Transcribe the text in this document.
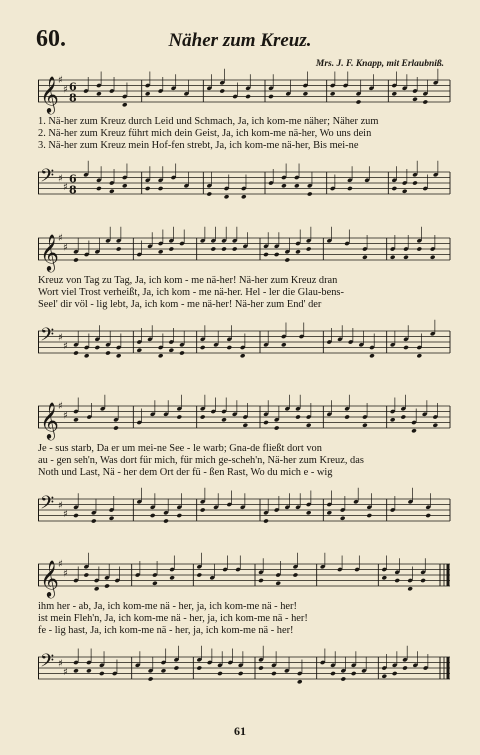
60.	Näher zum Kreuz.
Mrs. J. F. Knapp, mit Erlaubniß.
𝄞 ♯
♯ 6
8
1. Nä-her zum Kreuz durch Leid und Schmach, Ja, ich kom-me näher; Näher zum
2. Nä-her zum Kreuz führt mich dein Geist, Ja, ich kom-me nä-her, Wo uns dein
3. Nä-her zum Kreuz mein Hof-fen strebt, Ja, ich kom-me nä-her, Bis mei-ne
𝄢 ♯
♯
6
8
𝄞 ♯
♯
Kreuz von Tag zu Tag, Ja, ich kom - me nä-her! Nä-her zum Kreuz dran
Wort viel Trost verheißt, Ja, ich kom - me nä-her. Hel - ler die Glau-bens-
Seel' dir völ - lig lebt, Ja, ich kom - me nä-her! Nä-her zum End' der
𝄢 ♯
♯
𝄞 ♯
♯
Je - sus starb, Da er um mei-ne See - le warb; Gna-de fließt dort von
au - gen seh'n, Was dort für mich, für mich ge-scheh'n, Nä-her zum Kreuz, das
Noth und Last, Nä - her dem Ort der fü - ßen Rast, Wo du mich e - wig
𝄢 ♯
♯
𝄞 ♯
♯
ihm her - ab, Ja, ich kom-me nä - her, ja, ich kom-me nä - her!
ist mein Fleh'n, Ja, ich kom-me nä - her, ja, ich kom-me nä - her!
fe - lig hast, Ja, ich kom-me nä - her, ja, ich kom-me nä - her!
𝄢 ♯
♯
61
